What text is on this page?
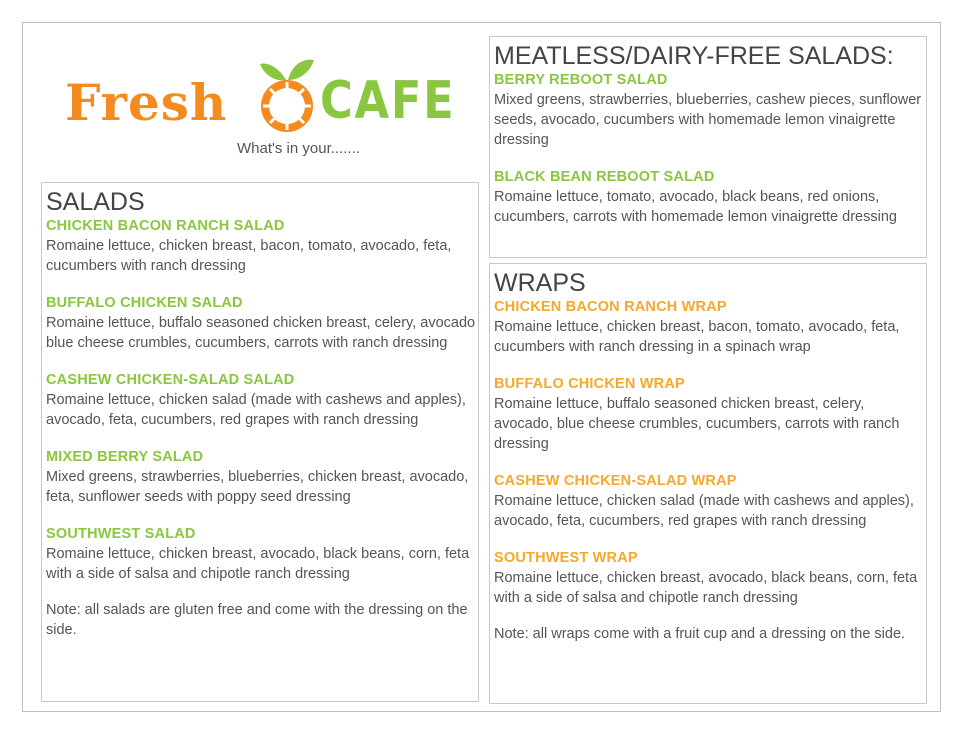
Fresh CAFE
What's in your.......
SALADS
CHICKEN BACON RANCH SALAD
Romaine lettuce, chicken breast, bacon, tomato, avocado, feta, cucumbers with ranch dressing
BUFFALO CHICKEN SALAD
Romaine lettuce, buffalo seasoned chicken breast, celery, avocado blue cheese crumbles, cucumbers, carrots with ranch dressing
CASHEW CHICKEN-SALAD SALAD
Romaine lettuce, chicken salad (made with cashews and apples), avocado, feta, cucumbers, red grapes with ranch dressing
MIXED BERRY SALAD
Mixed greens, strawberries, blueberries, chicken breast, avocado, feta, sunflower seeds with poppy seed dressing
SOUTHWEST SALAD
Romaine lettuce, chicken breast, avocado, black beans, corn, feta with a side of salsa and chipotle ranch dressing
Note: all salads are gluten free and come with the dressing on the side.
MEATLESS/DAIRY-FREE SALADS:
BERRY REBOOT SALAD
Mixed greens, strawberries, blueberries, cashew pieces, sunflower seeds, avocado, cucumbers with homemade lemon vinaigrette dressing
BLACK BEAN REBOOT SALAD
Romaine lettuce, tomato, avocado, black beans, red onions, cucumbers, carrots with homemade lemon vinaigrette dressing
WRAPS
CHICKEN BACON RANCH WRAP
Romaine lettuce, chicken breast, bacon, tomato, avocado, feta, cucumbers with ranch dressing in a spinach wrap
BUFFALO CHICKEN WRAP
Romaine lettuce, buffalo seasoned chicken breast, celery, avocado, blue cheese crumbles, cucumbers, carrots with ranch dressing
CASHEW CHICKEN-SALAD WRAP
Romaine lettuce, chicken salad (made with cashews and apples), avocado, feta, cucumbers, red grapes with ranch dressing
SOUTHWEST WRAP
Romaine lettuce, chicken breast, avocado, black beans, corn, feta with a side of salsa and chipotle ranch dressing
Note: all wraps come with a fruit cup and a dressing on the side.
